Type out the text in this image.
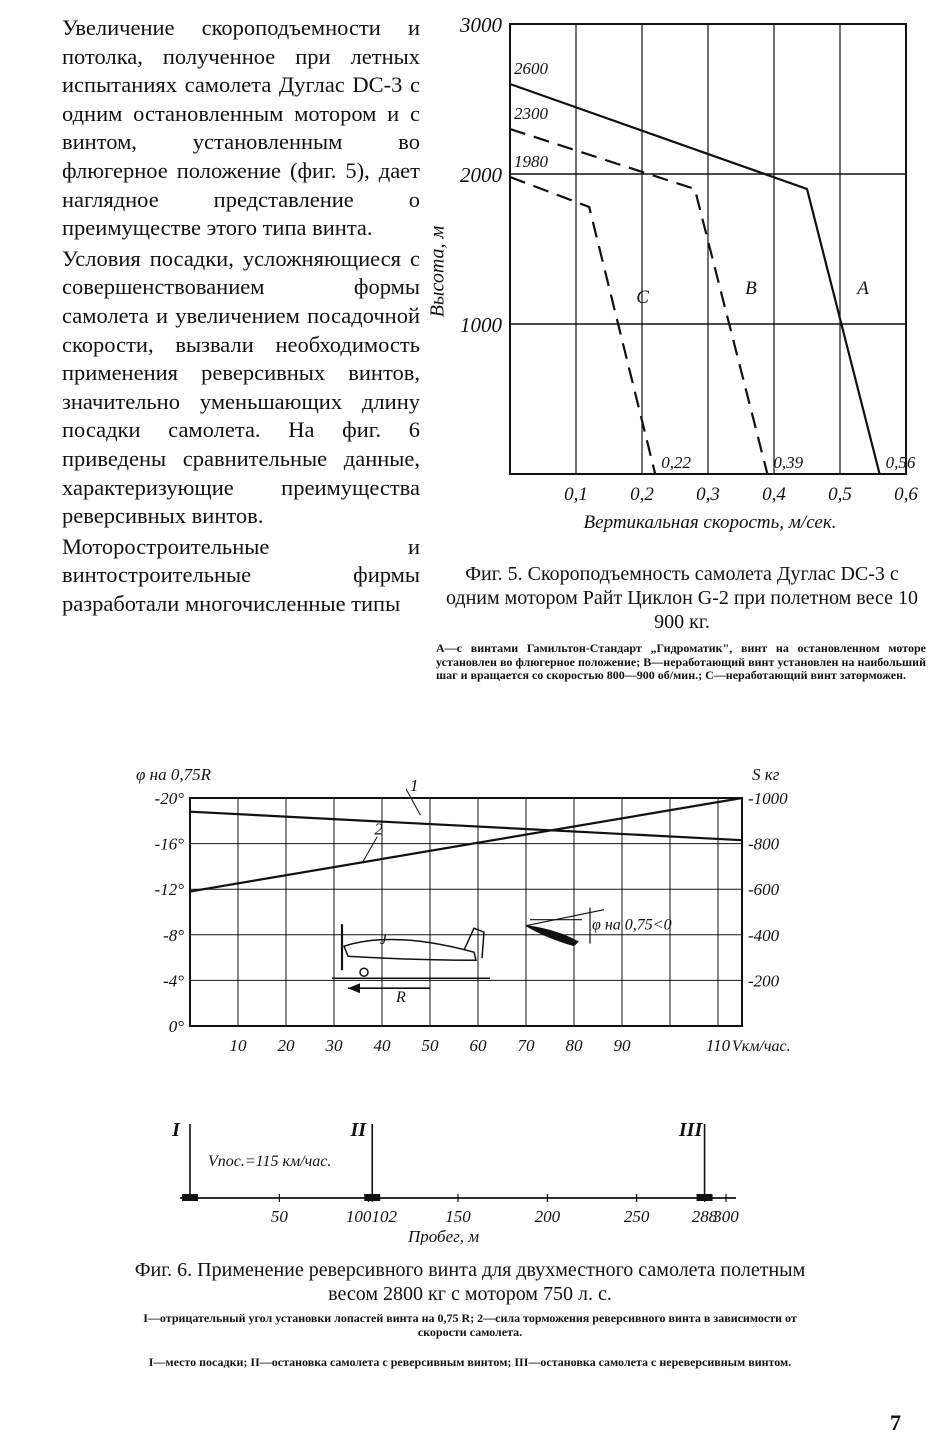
Увеличение скороподъемности и потолка, полученное при летных испытаниях самолета Дуглас DC-3 с одним остановленным мотором и с винтом, установленным во флюгерное положение (фиг. 5), дает наглядное представление о преимуществе этого типа винта.

Условия посадки, усложняющиеся с совершенствованием формы самолета и увеличением посадочной скорости, вызвали необходимость применения реверсивных винтов, значительно уменьшающих длину посадки самолета. На фиг. 6 приведены сравнительные данные, характеризующие преимущества реверсивных винтов.

Моторостроительные и винтостроительные фирмы разработали многочисленные типы

3000
2000
1000
0,1 0,2 0,3 0,4 0,5 0,6
2600
0,56
A
2300
0,39
B
1980
0,22
C
Вертикальная скорость, м/сек.
Высота, м
Фиг. 5. Скороподъемность самолета Дуглас DC-3 с одним мотором Райт Циклон G-2 при полетном весе 10 900 кг.
A—с винтами Гамильтон-Стандарт „Гидроматик", винт на остановленном моторе установлен во флюгерное положение; B—неработающий винт установлен на наибольший шаг и вращается со скоростью 800—900 об/мин.; C—неработающий винт заторможен.
φ на 0,75R	S кг
-20°
-16°
-12°
-8°
-4°
0°
-1000
-800
-600
-400
-200
10 20 30 40 50 60 70 80 90	110 Vкм/час.
1
2
R
J
φ на 0,75<0
50	100 102	150	200	250 288
300
Пробег, м
I	II	III
Vпос.=115 км/час.
Фиг. 6. Применение реверсивного винта для двухместного самолета полетным весом 2800 кг с мотором 750 л. с.
I—отрицательный угол установки лопастей винта на 0,75 R; 2—сила торможения реверсивного винта в зависимости от скорости самолета.
I—место посадки; II—остановка самолета с реверсивным винтом; III—остановка самолета с нереверсивным винтом.
7
